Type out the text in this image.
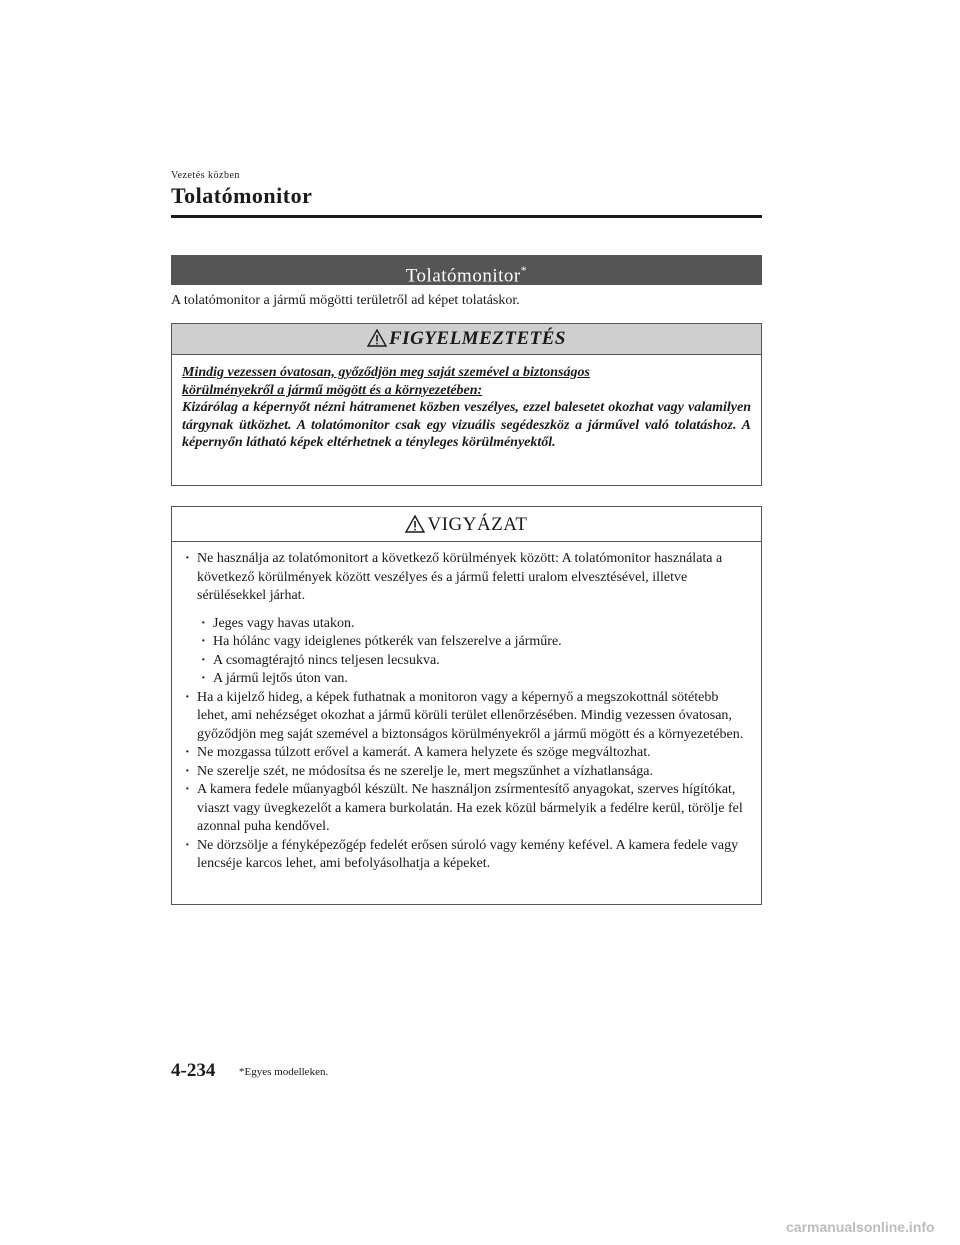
Vezetés közben
Tolatómonitor
Tolatómonitor*
A tolatómonitor a jármű mögötti területről ad képet tolatáskor.
FIGYELMEZTETÉS
Mindig vezessen óvatosan, győződjön meg saját szemével a biztonságos
körülményekről a jármű mögött és a környezetében:
Kizárólag a képernyőt nézni hátramenet közben veszélyes, ezzel balesetet okozhat vagy valamilyen tárgynak ütközhet. A tolatómonitor csak egy vizuális segédeszköz a járművel való tolatáshoz. A képernyőn látható képek eltérhetnek a tényleges körülményektől.
VIGYÁZAT
· Ne használja az tolatómonitort a következő körülmények között: A tolatómonitor használata a következő körülmények között veszélyes és a jármű feletti uralom elvesztésével, illetve sérülésekkel járhat.
· Jeges vagy havas utakon.
· Ha hólánc vagy ideiglenes pótkerék van felszerelve a járműre.
· A csomagtérajtó nincs teljesen lecsukva.
· A jármű lejtős úton van.
· Ha a kijelző hideg, a képek futhatnak a monitoron vagy a képernyő a megszokottnál sötétebb lehet, ami nehézséget okozhat a jármű körüli terület ellenőrzésében. Mindig vezessen óvatosan, győződjön meg saját szemével a biztonságos körülményekről a jármű mögött és a környezetében.
· Ne mozgassa túlzott erővel a kamerát. A kamera helyzete és szöge megváltozhat.
· Ne szerelje szét, ne módosítsa és ne szerelje le, mert megszűnhet a vízhatlansága.
· A kamera fedele műanyagból készült. Ne használjon zsírmentesítő anyagokat, szerves hígítókat, viaszt vagy üvegkezelőt a kamera burkolatán. Ha ezek közül bármelyik a fedélre kerül, törölje fel azonnal puha kendővel.
· Ne dörzsölje a fényképezőgép fedelét erősen súroló vagy kemény kefével. A kamera fedele vagy lencséje karcos lehet, ami befolyásolhatja a képeket.
4-234 *Egyes modelleken.
carmanualsonline.info
